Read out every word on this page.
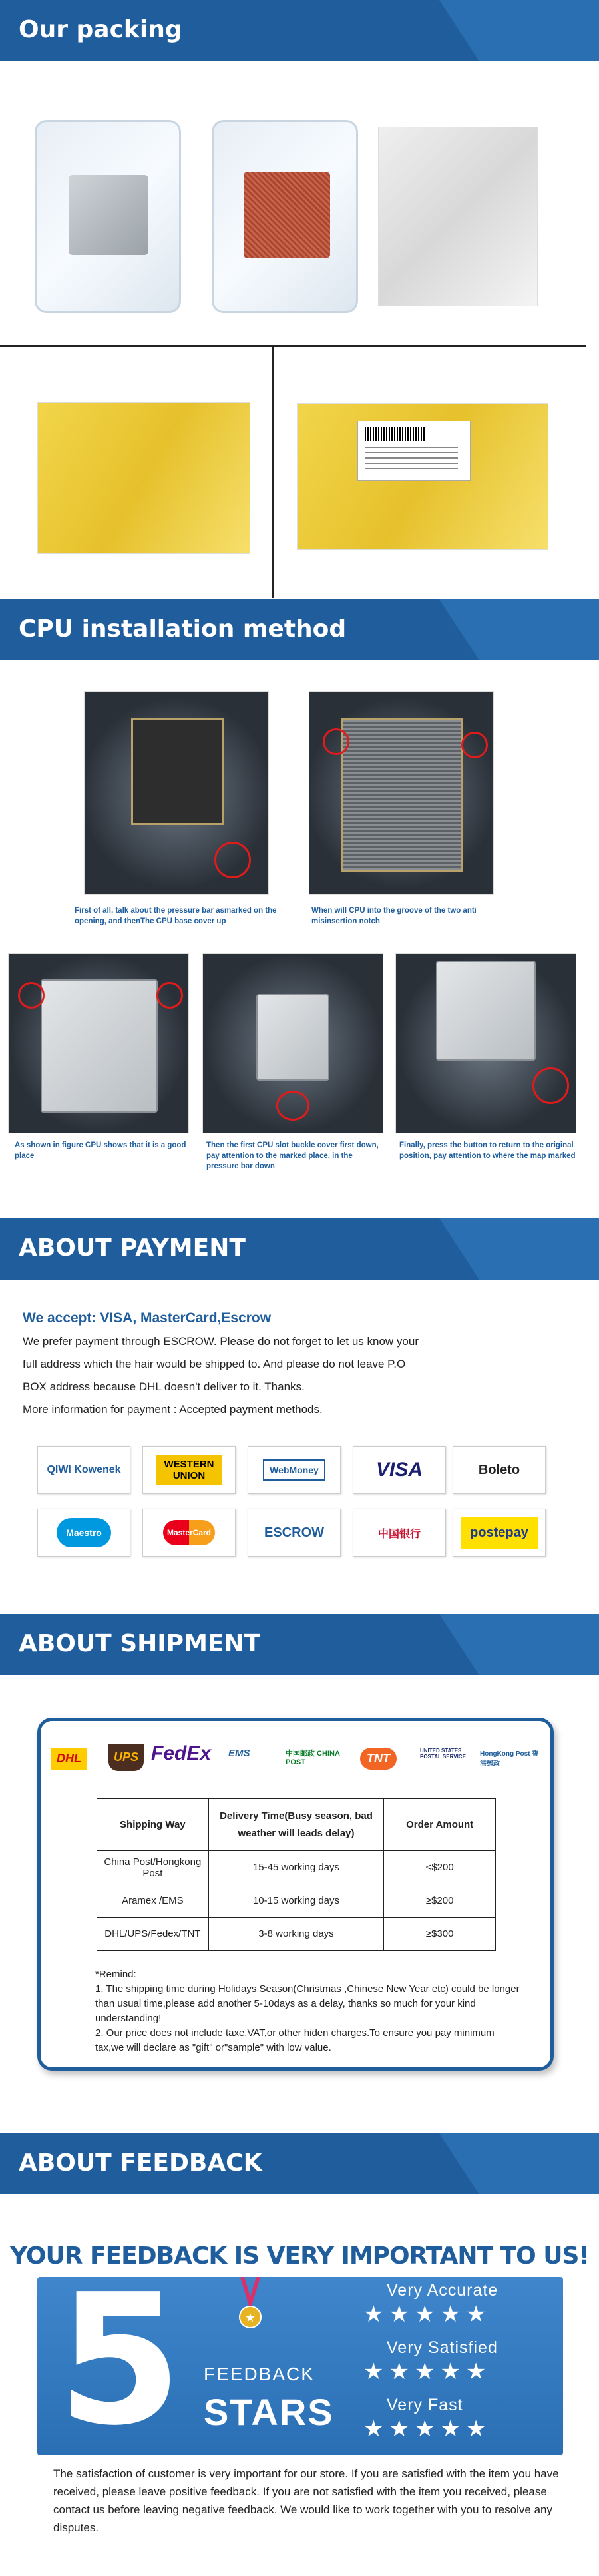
Our packing
CPU installation method
First of all, talk about the pressure bar asmarked on the opening, and thenThe CPU base cover up
When will CPU into the groove of the two anti misinsertion notch
As shown in figure CPU shows that it is a good place
Then the first CPU slot buckle cover first down, pay attention to the marked place, in the pressure bar down
Finally, press the button to return to the original position, pay attention to where the map marked
ABOUT PAYMENT
We accept: VISA, MasterCard,Escrow
We prefer payment through ESCROW. Please do not forget to let us know your
full address which the hair would be shipped to. And please do not leave P.O
BOX address because DHL doesn't deliver to it. Thanks.
More information for payment : Accepted payment methods.
QIWI Kowenek	WESTERN UNION	WebMoney	VISA	Boleto
Maestro	MasterCard	ESCROW	中国银行	postepay
ABOUT SHIPMENT
DHL	UPS FedEx EMS	中国邮政 CHINA POST	TNT
UNITED STATES POSTAL SERVICE	HongKong Post 香港郵政
Shipping Way	Delivery Time(Busy season, bad weather will leads delay)	Order Amount
China Post/Hongkong Post	15-45 working days	<$200
Aramex /EMS	10-15 working days	≥$200
DHL/UPS/Fedex/TNT	3-8 working days	≥$300
*Remind:
1. The shipping time during Holidays Season(Christmas ,Chinese New Year etc) could be longer than usual time,please add another 5-10days as a delay, thanks so much for your kind understanding!
2. Our price does not include taxe,VAT,or other hiden charges.To ensure you pay minimum tax,we will declare as "gift" or"sample" with low value.
ABOUT FEEDBACK
YOUR FEEDBACK IS VERY IMPORTANT TO US!
5	★
FEEDBACK
STARS
Very Accurate
★★★★★
Very Satisfied
★★★★★
Very Fast
★★★★★
The satisfaction of customer is very important for our store. If you are satisfied with the item you have received, please leave positive feedback. If you are not satisfied with the item you received, please contact us before leaving negative feedback. We would like to work together with you to resolve any disputes.
